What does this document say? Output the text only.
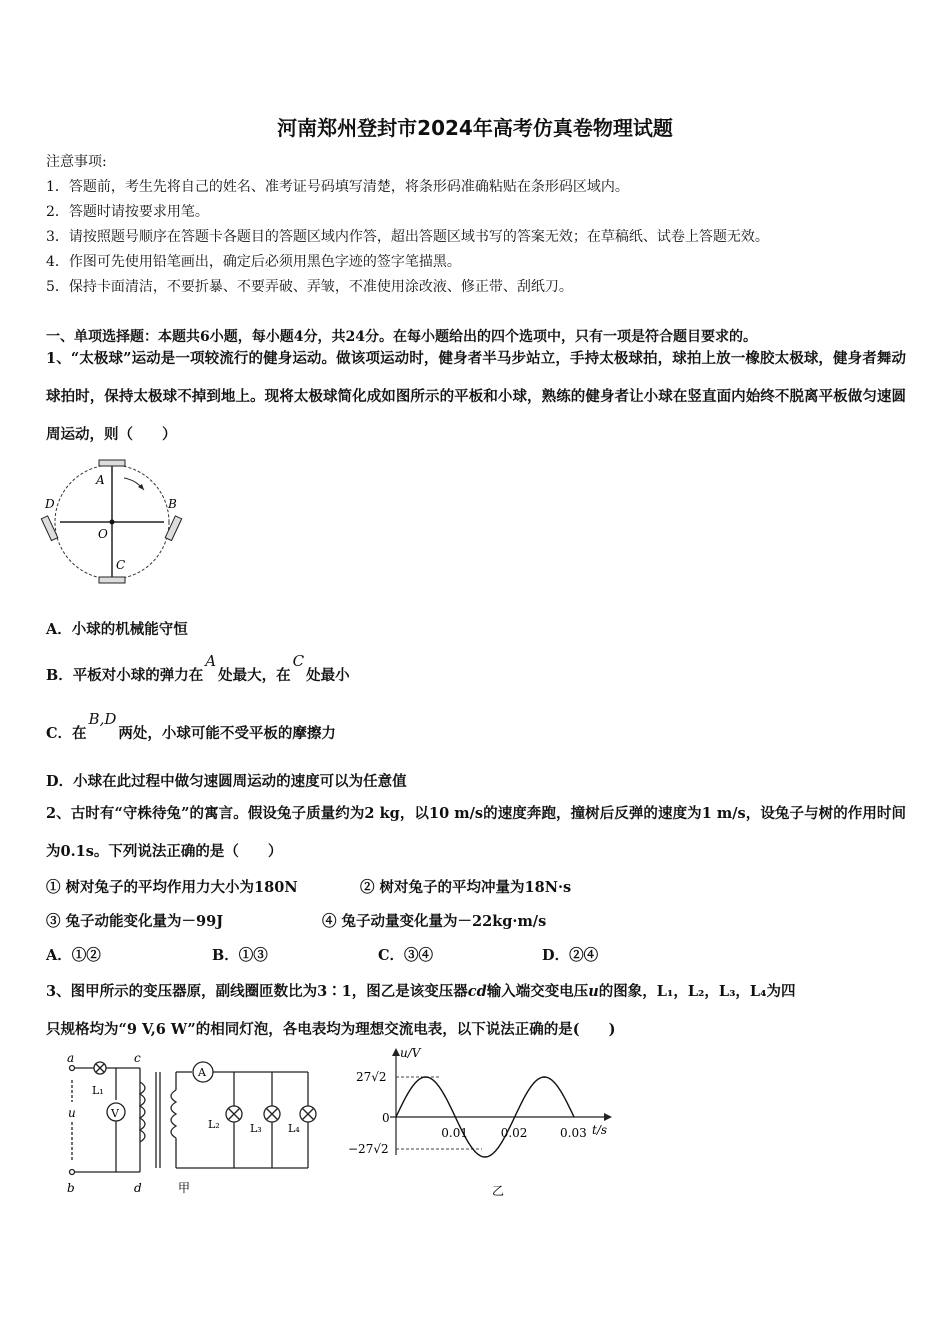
河南郑州登封市2024年高考仿真卷物理试题
注意事项:
1．答题前，考生先将自己的姓名、准考证号码填写清楚，将条形码准确粘贴在条形码区域内。
2．答题时请按要求用笔。
3．请按照题号顺序在答题卡各题目的答题区域内作答，超出答题区域书写的答案无效；在草稿纸、试卷上答题无效。
4．作图可先使用铅笔画出，确定后必须用黑色字迹的签字笔描黑。
5．保持卡面清洁，不要折暴、不要弄破、弄皱，不准使用涂改液、修正带、刮纸刀。
一、单项选择题：本题共6小题，每小题4分，共24分。在每小题给出的四个选项中，只有一项是符合题目要求的。
1、“太极球”运动是一项较流行的健身运动。做该项运动时，健身者半马步站立，手持太极球拍，球拍上放一橡胶太极球，健身者舞动球拍时，保持太极球不掉到地上。现将太极球简化成如图所示的平板和小球，熟练的健身者让小球在竖直面内始终不脱离平板做匀速圆周运动，则（　　）
A
B
C
D
O
A．小球的机械能守恒
B．平板对小球的弹力在A处最大，在C处最小
C．在B,D两处，小球可能不受平板的摩擦力
D．小球在此过程中做匀速圆周运动的速度可以为任意值
2、古时有“守株待兔”的寓言。假设兔子质量约为2 kg，以10 m/s的速度奔跑，撞树后反弹的速度为1 m/s，设兔子与树的作用时间为0.1s。下列说法正确的是（　　）
① 树对兔子的平均作用力大小为180N	② 树对兔子的平均冲量为18N·s
③ 兔子动能变化量为－99J	④ 兔子动量变化量为－22kg·m/s
A．①②	B．①③	C．③④	D．②④
3、图甲所示的变压器原，副线圈匝数比为3∶1，图乙是该变压器cd输入端交变电压u的图象，L₁，L₂，L₃，L₄为四
只规格均为“9 V,6 W”的相同灯泡，各电表均为理想交流电表，以下说法正确的是(　　)
a
b
c
d
u
L₁
V
A
L₂	L₃ L₄
甲
u/V
t/s
27√2
−27√2
0
0.01	0.02	0.03
乙
